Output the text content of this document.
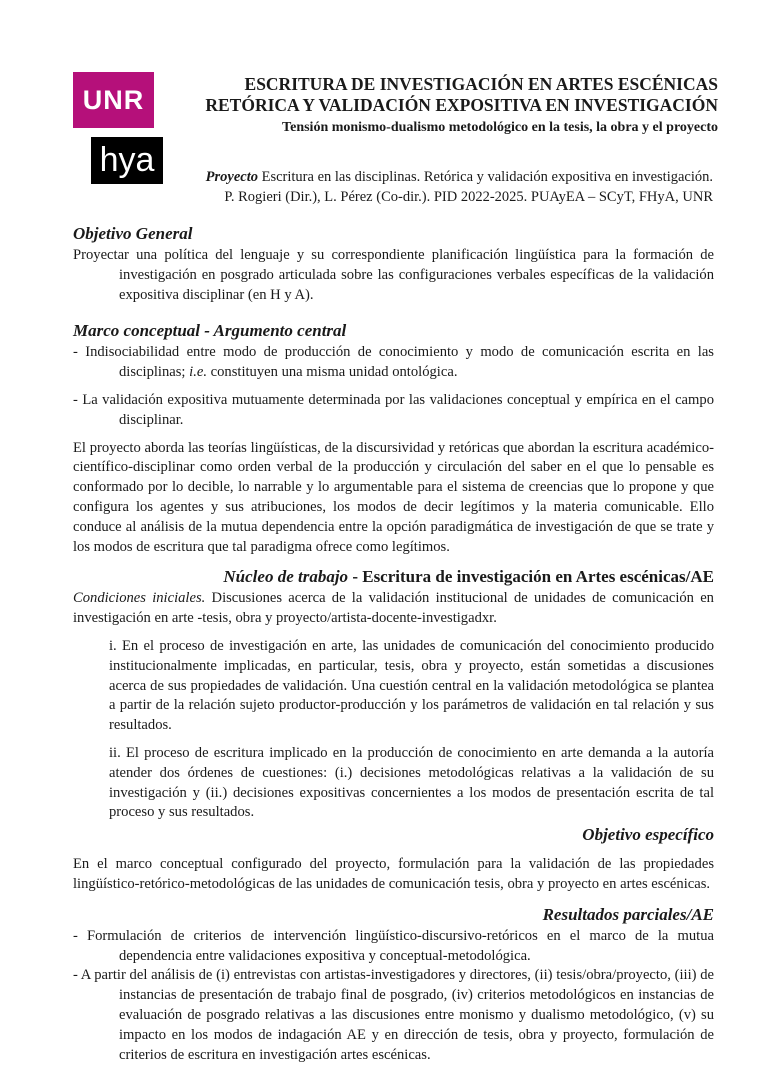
UNR
hya
ESCRITURA DE INVESTIGACIÓN EN ARTES ESCÉNICAS
RETÓRICA Y VALIDACIÓN EXPOSITIVA EN INVESTIGACIÓN
Tensión monismo-dualismo metodológico en la tesis, la obra y el proyecto
Proyecto Escritura en las disciplinas. Retórica y validación expositiva en investigación.
P. Rogieri (Dir.), L. Pérez (Co-dir.). PID 2022-2025. PUAyEA – SCyT, FHyA, UNR
Objetivo General

Proyectar una política del lenguaje y su correspondiente planificación lingüística para la formación de investigación en posgrado articulada sobre las configuraciones verbales específicas de la validación expositiva disciplinar (en H y A).

Marco conceptual - Argumento central

- Indisociabilidad entre modo de producción de conocimiento y modo de comunicación escrita en las disciplinas; i.e. constituyen una misma unidad ontológica.

- La validación expositiva mutuamente determinada por las validaciones conceptual y empírica en el campo disciplinar.

El proyecto aborda las teorías lingüísticas, de la discursividad y retóricas que abordan la escritura académico-científico-disciplinar como orden verbal de la producción y circulación del saber en el que lo pensable es conformado por lo decible, lo narrable y lo argumentable para el sistema de creencias que lo propone y que configura los agentes y sus atribuciones, los modos de decir legítimos y la materia comunicable. Ello conduce al análisis de la mutua dependencia entre la opción paradigmática de investigación de que se trate y los modos de escritura que tal paradigma ofrece como legítimos.

Núcleo de trabajo - Escritura de investigación en Artes escénicas/AE

Condiciones iniciales. Discusiones acerca de la validación institucional de unidades de comunicación en investigación en arte -tesis, obra y proyecto/artista-docente-investigadxr.

i. En el proceso de investigación en arte, las unidades de comunicación del conocimiento producido institucionalmente implicadas, en particular, tesis, obra y proyecto, están sometidas a discusiones acerca de sus propiedades de validación. Una cuestión central en la validación metodológica se plantea a partir de la relación sujeto productor-producción y los parámetros de validación en tal relación y sus resultados.

ii. El proceso de escritura implicado en la producción de conocimiento en arte demanda a la autoría atender dos órdenes de cuestiones: (i.) decisiones metodológicas relativas a la validación de su investigación y (ii.) decisiones expositivas concernientes a los modos de presentación escrita de tal proceso y sus resultados.

Objetivo específico

En el marco conceptual configurado del proyecto, formulación para la validación de las propiedades lingüístico-retórico-metodológicas de las unidades de comunicación tesis, obra y proyecto en artes escénicas.

Resultados parciales/AE

- Formulación de criterios de intervención lingüístico-discursivo-retóricos en el marco de la mutua dependencia entre validaciones expositiva y conceptual-metodológica.

- A partir del análisis de (i) entrevistas con artistas-investigadores y directores, (ii) tesis/obra/proyecto, (iii) de instancias de presentación de trabajo final de posgrado, (iv) criterios metodológicos en instancias de evaluación de posgrado relativas a las discusiones entre monismo y dualismo metodológico, (v) su impacto en los modos de indagación AE y en dirección de tesis, obra y proyecto, formulación de criterios de escritura en investigación artes escénicas.
